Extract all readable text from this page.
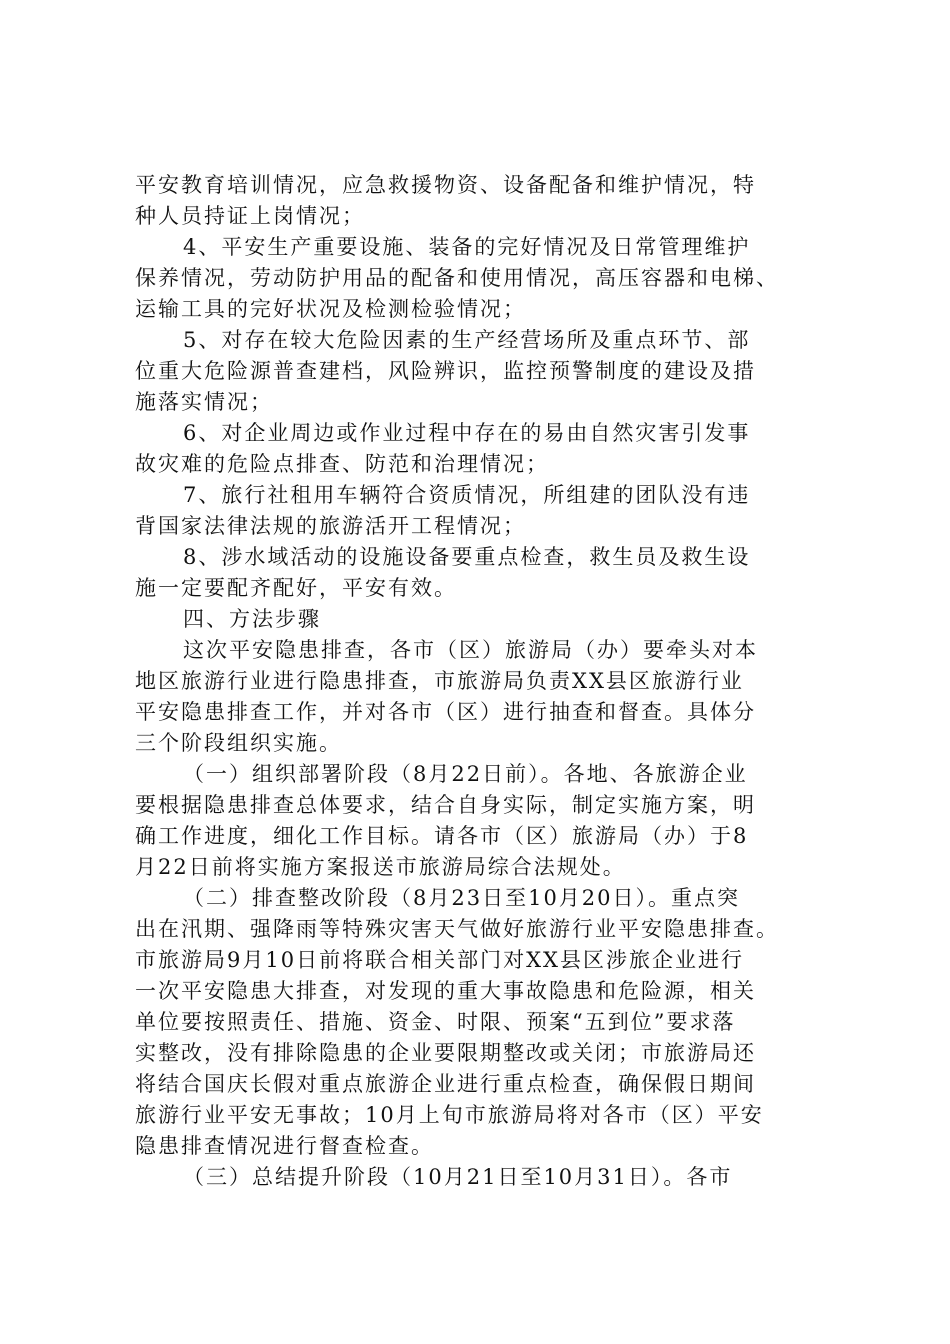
平安教育培训情况，应急救援物资、设备配备和维护情况，特
种人员持证上岗情况；
4、平安生产重要设施、装备的完好情况及日常管理维护
保养情况，劳动防护用品的配备和使用情况，高压容器和电梯、
运输工具的完好状况及检测检验情况；
5、对存在较大危险因素的生产经营场所及重点环节、部
位重大危险源普查建档，风险辨识，监控预警制度的建设及措
施落实情况；
6、对企业周边或作业过程中存在的易由自然灾害引发事
故灾难的危险点排查、防范和治理情况；
7、旅行社租用车辆符合资质情况，所组建的团队没有违
背国家法律法规的旅游活开工程情况；
8、涉水域活动的设施设备要重点检查，救生员及救生设
施一定要配齐配好，平安有效。
四、方法步骤
这次平安隐患排查，各市（区）旅游局（办）要牵头对本
地区旅游行业进行隐患排查，市旅游局负责XX县区旅游行业
平安隐患排查工作，并对各市（区）进行抽查和督查。具体分
三个阶段组织实施。
（一）组织部署阶段（8月22日前）。各地、各旅游企业
要根据隐患排查总体要求，结合自身实际，制定实施方案，明
确工作进度，细化工作目标。请各市（区）旅游局（办）于8
月22日前将实施方案报送市旅游局综合法规处。
（二）排查整改阶段（8月23日至10月20日）。重点突
出在汛期、强降雨等特殊灾害天气做好旅游行业平安隐患排查。
市旅游局9月10日前将联合相关部门对XX县区涉旅企业进行
一次平安隐患大排查，对发现的重大事故隐患和危险源，相关
单位要按照责任、措施、资金、时限、预案“五到位”要求落
实整改，没有排除隐患的企业要限期整改或关闭；市旅游局还
将结合国庆长假对重点旅游企业进行重点检查，确保假日期间
旅游行业平安无事故；10月上旬市旅游局将对各市（区）平安
隐患排查情况进行督查检查。
（三）总结提升阶段（10月21日至10月31日）。各市
